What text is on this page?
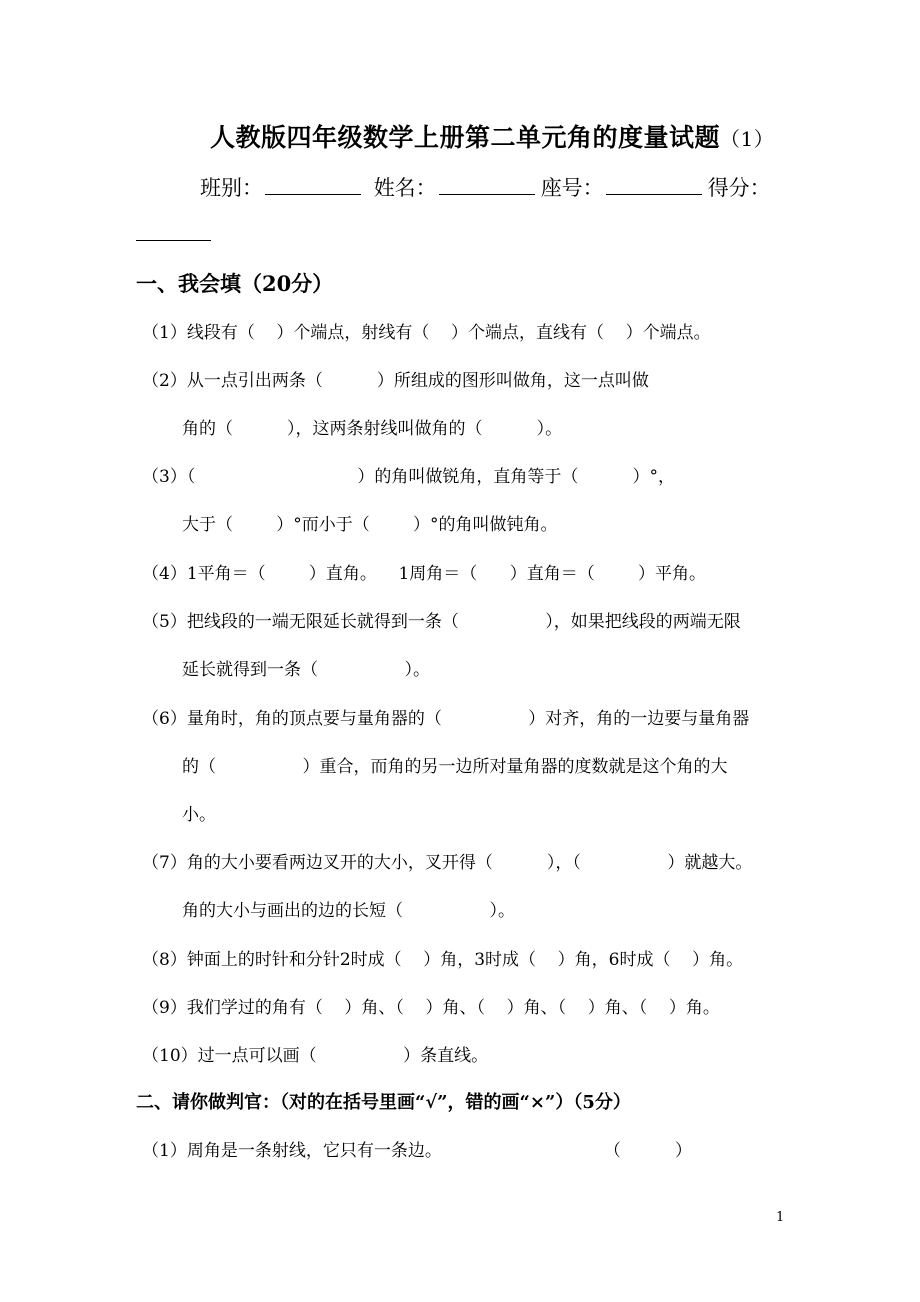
人教版四年级数学上册第二单元角的度量试题（1）
班别：	姓名：	座号：	得分：
一、我会填（20分）
（1）线段有（    ）个端点，射线有（    ）个端点，直线有（    ）个端点。
（2）从一点引出两条（          ）所组成的图形叫做角，这一点叫做
角的（          ），这两条射线叫做角的（          ）。
（3）（                              ）的角叫做锐角，直角等于（          ）°，
大于（        ）°而小于（        ）°的角叫做钝角。
（4）1平角＝（        ）直角。    1周角＝（      ）直角＝（        ）平角。
（5）把线段的一端无限延长就得到一条（                ），如果把线段的两端无限
延长就得到一条（                ）。
（6）量角时，角的顶点要与量角器的（                ）对齐，角的一边要与量角器
的（                ）重合，而角的另一边所对量角器的度数就是这个角的大
小。
（7）角的大小要看两边叉开的大小，叉开得（          ），（                ）就越大。
角的大小与画出的边的长短（                ）。
（8）钟面上的时针和分针2时成（    ）角，3时成（    ）角，6时成（    ）角。
（9）我们学过的角有（    ）角、（    ）角、（    ）角、（    ）角、（    ）角。
（10）过一点可以画（                ）条直线。
二、请你做判官：（对的在括号里画“√”，错的画“×”）（5分）
（1）周角是一条射线，它只有一条边。                              （          ）
1
